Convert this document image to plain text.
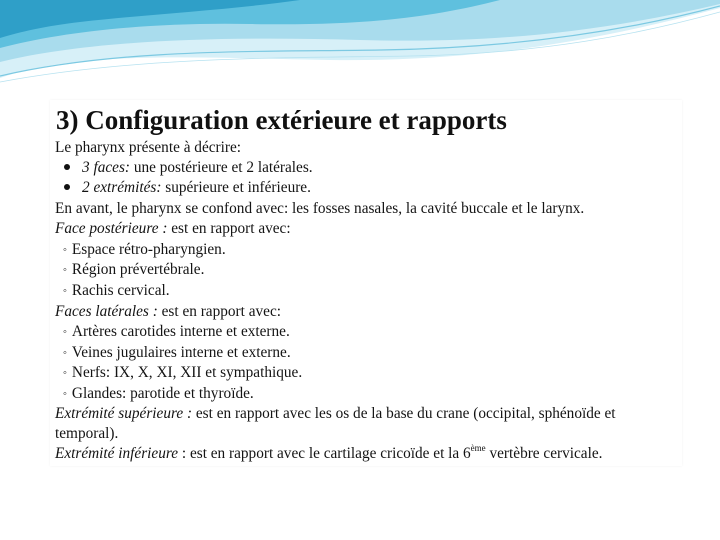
3) Configuration extérieure et rapports
Le pharynx présente à décrire:
3 faces: une postérieure et 2 latérales.
2 extrémités: supérieure et inférieure.
En avant, le pharynx se confond avec: les fosses nasales, la cavité buccale et le larynx.
Face postérieure : est en rapport avec:
◦ Espace rétro-pharyngien.
◦ Région prévertébrale.
◦ Rachis cervical.
Faces latérales : est en rapport avec:
◦ Artères carotides interne et externe.
◦ Veines jugulaires interne et externe.
◦ Nerfs: IX, X, XI, XII et sympathique.
◦ Glandes: parotide et thyroïde.
Extrémité supérieure : est en rapport avec les os de la base du crane (occipital, sphénoïde et
temporal).
Extrémité inférieure : est en rapport avec le cartilage cricoïde et la 6ème vertèbre cervicale.
